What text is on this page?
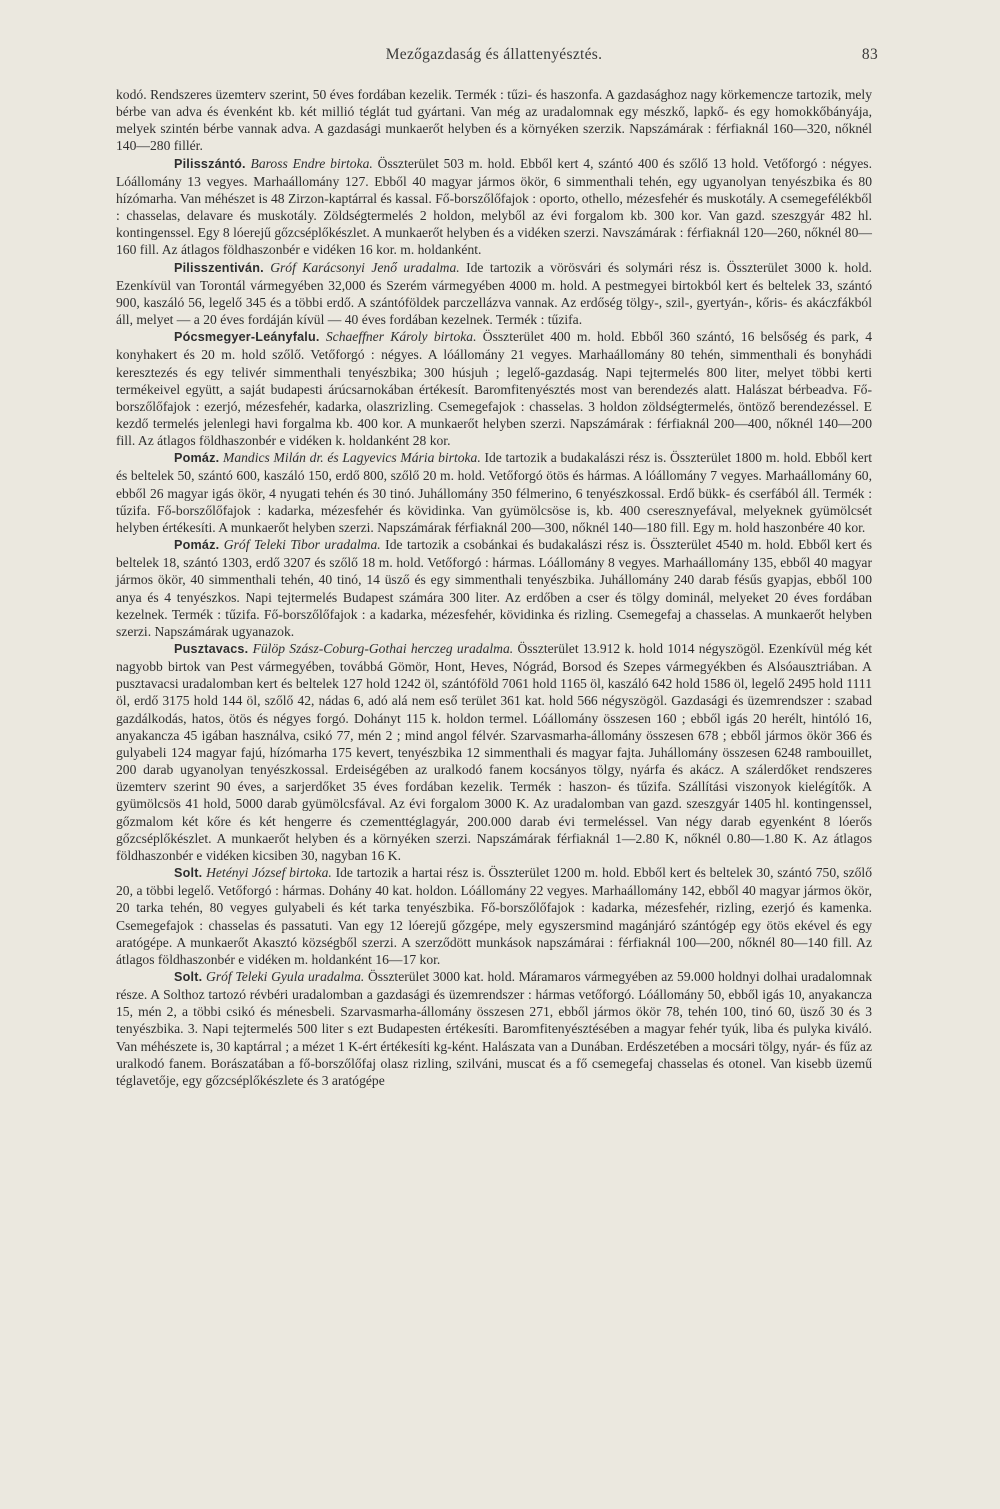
Mezőgazdaság és állattenyésztés.	83

kodó. Rendszeres üzemterv szerint, 50 éves fordában kezelik. Termék : tűzi- és haszonfa. A gazdasághoz nagy körkemencze tartozik, mely bérbe van adva és évenként kb. két millió téglát tud gyártani. Van még az uradalomnak egy mészkő, lapkő- és egy homokkőbányája, melyek szintén bérbe vannak adva. A gazdasági munkaerőt helyben és a környéken szerzik. Napszámárak : férfiaknál 160—320, nőknél 140—280 fillér.

Pilisszántó. Baross Endre birtoka. Összterület 503 m. hold. Ebből kert 4, szántó 400 és szőlő 13 hold. Vetőforgó : négyes. Lóállomány 13 vegyes. Marhaállomány 127. Ebből 40 magyar jármos ökör, 6 simmenthali tehén, egy ugyanolyan tenyészbika és 80 hízómarha. Van méhészet is 48 Zirzon-kaptárral és kassal. Fő-borszőlőfajok : oporto, othello, mézesfehér és muskotály. A csemegefélékből : chasselas, delavare és muskotály. Zöldségtermelés 2 holdon, melyből az évi forgalom kb. 300 kor. Van gazd. szeszgyár 482 hl. kontingenssel. Egy 8 lóerejű gőzcséplőkészlet. A munkaerőt helyben és a vidéken szerzi. Navszámárak : férfiaknál 120—260, nőknél 80—160 fill. Az átlagos földhaszonbér e vidéken 16 kor. m. holdanként.

Pilisszentiván. Gróf Karácsonyi Jenő uradalma. Ide tartozik a vörösvári és solymári rész is. Összterület 3000 k. hold. Ezenkívül van Torontál vármegyében 32,000 és Szerém vármegyében 4000 m. hold. A pestmegyei birtokból kert és beltelek 33, szántó 900, kaszáló 56, legelő 345 és a többi erdő. A szántóföldek parczellázva vannak. Az erdőség tölgy-, szil-, gyertyán-, kőris- és akáczfákból áll, melyet — a 20 éves fordáján kívül — 40 éves fordában kezelnek. Termék : tűzifa.

Pócsmegyer-Leányfalu. Schaeffner Károly birtoka. Összterület 400 m. hold. Ebből 360 szántó, 16 belsőség és park, 4 konyhakert és 20 m. hold szőlő. Vetőforgó : négyes. A lóállomány 21 vegyes. Marhaállomány 80 tehén, simmenthali és bonyhádi keresztezés és egy telivér simmenthali tenyészbika; 300 húsjuh ; legelő-gazdaság. Napi tejtermelés 800 liter, melyet többi kerti termékeivel együtt, a saját budapesti árúcsarnokában értékesít. Baromfitenyésztés most van berendezés alatt. Halászat bérbeadva. Fő-borszőlőfajok : ezerjó, mézesfehér, kadarka, olaszrizling. Csemegefajok : chasselas. 3 holdon zöldségtermelés, öntöző berendezéssel. E kezdő termelés jelenlegi havi forgalma kb. 400 kor. A munkaerőt helyben szerzi. Napszámárak : férfiaknál 200—400, nőknél 140—200 fill. Az átlagos földhaszonbér e vidéken k. holdanként 28 kor.

Pomáz. Mandics Milán dr. és Lagyevics Mária birtoka. Ide tartozik a budakalászi rész is. Összterület 1800 m. hold. Ebből kert és beltelek 50, szántó 600, kaszáló 150, erdő 800, szőlő 20 m. hold. Vetőforgó ötös és hármas. A lóállomány 7 vegyes. Marhaállomány 60, ebből 26 magyar igás ökör, 4 nyugati tehén és 30 tinó. Juhállomány 350 félmerino, 6 tenyészkossal. Erdő bükk- és cserfából áll. Termék : tűzifa. Fő-borszőlőfajok : kadarka, mézesfehér és kövidinka. Van gyümölcsöse is, kb. 400 cseresznyefával, melyeknek gyümölcsét helyben értékesíti. A munkaerőt helyben szerzi. Napszámárak férfiaknál 200—300, nőknél 140—180 fill. Egy m. hold haszonbére 40 kor.

Pomáz. Gróf Teleki Tibor uradalma. Ide tartozik a csobánkai és budakalászi rész is. Összterület 4540 m. hold. Ebből kert és beltelek 18, szántó 1303, erdő 3207 és szőlő 18 m. hold. Vetőforgó : hármas. Lóállomány 8 vegyes. Marhaállomány 135, ebből 40 magyar jármos ökör, 40 simmenthali tehén, 40 tinó, 14 üsző és egy simmenthali tenyészbika. Juhállomány 240 darab fésűs gyapjas, ebből 100 anya és 4 tenyészkos. Napi tejtermelés Budapest számára 300 liter. Az erdőben a cser és tölgy dominál, melyeket 20 éves fordában kezelnek. Termék : tűzifa. Fő-borszőlőfajok : a kadarka, mézesfehér, kövidinka és rizling. Csemegefaj a chasselas. A munkaerőt helyben szerzi. Napszámárak ugyanazok.

Pusztavacs. Fülöp Szász-Coburg-Gothai herczeg uradalma. Összterület 13.912 k. hold 1014 négyszögöl. Ezenkívül még két nagyobb birtok van Pest vármegyében, továbbá Gömör, Hont, Heves, Nógrád, Borsod és Szepes vármegyékben és Alsóausztriában. A pusztavacsi uradalomban kert és beltelek 127 hold 1242 öl, szántóföld 7061 hold 1165 öl, kaszáló 642 hold 1586 öl, legelő 2495 hold 1111 öl, erdő 3175 hold 144 öl, szőlő 42, nádas 6, adó alá nem eső terület 361 kat. hold 566 négyszögöl. Gazdasági és üzemrendszer : szabad gazdálkodás, hatos, ötös és négyes forgó. Dohányt 115 k. holdon termel. Lóállomány összesen 160 ; ebből igás 20 herélt, hintóló 16, anyakancza 45 igában használva, csikó 77, mén 2 ; mind angol félvér. Szarvasmarha-állomány összesen 678 ; ebből jármos ökör 366 és gulyabeli 124 magyar fajú, hízómarha 175 kevert, tenyészbika 12 simmenthali és magyar fajta. Juhállomány összesen 6248 rambouillet, 200 darab ugyanolyan tenyészkossal. Erdeiségében az uralkodó fanem kocsányos tölgy, nyárfa és akácz. A szálerdőket rendszeres üzemterv szerint 90 éves, a sarjerdőket 35 éves fordában kezelik. Termék : haszon- és tűzifa. Szállítási viszonyok kielégítők. A gyümölcsös 41 hold, 5000 darab gyümölcsfával. Az évi forgalom 3000 K. Az uradalomban van gazd. szeszgyár 1405 hl. kontingenssel, gőzmalom két kőre és két hengerre és czementtéglagyár, 200.000 darab évi termeléssel. Van négy darab egyenként 8 lóerős gőzcséplőkészlet. A munkaerőt helyben és a környéken szerzi. Napszámárak férfiaknál 1—2.80 K, nőknél 0.80—1.80 K. Az átlagos földhaszonbér e vidéken kicsiben 30, nagyban 16 K.

Solt. Hetényi József birtoka. Ide tartozik a hartai rész is. Összterület 1200 m. hold. Ebből kert és beltelek 30, szántó 750, szőlő 20, a többi legelő. Vetőforgó : hármas. Dohány 40 kat. holdon. Lóállomány 22 vegyes. Marhaállomány 142, ebből 40 magyar jármos ökör, 20 tarka tehén, 80 vegyes gulyabeli és két tarka tenyészbika. Fő-borszőlőfajok : kadarka, mézesfehér, rizling, ezerjó és kamenka. Csemegefajok : chasselas és passatuti. Van egy 12 lóerejű gőzgépe, mely egyszersmind magánjáró szántógép egy ötös ekével és egy aratógépe. A munkaerőt Akasztó községből szerzi. A szerződött munkások napszámárai : férfiaknál 100—200, nőknél 80—140 fill. Az átlagos földhaszonbér e vidéken m. holdanként 16—17 kor.

Solt. Gróf Teleki Gyula uradalma. Összterület 3000 kat. hold. Máramaros vármegyében az 59.000 holdnyi dolhai uradalomnak része. A Solthoz tartozó révbéri uradalomban a gazdasági és üzemrendszer : hármas vetőforgó. Lóállomány 50, ebből igás 10, anyakancza 15, mén 2, a többi csikó és ménesbeli. Szarvasmarha-állomány összesen 271, ebből jármos ökör 78, tehén 100, tinó 60, üsző 30 és 3 tenyészbika. 3. Napi tejtermelés 500 liter s ezt Budapesten értékesíti. Baromfitenyésztésében a magyar fehér tyúk, liba és pulyka kiváló. Van méhészete is, 30 kaptárral ; a mézet 1 K-ért értékesíti kg-ként. Halászata van a Dunában. Erdészetében a mocsári tölgy, nyár- és fűz az uralkodó fanem. Borászatában a fő-borszőlőfaj olasz rizling, szilváni, muscat és a fő csemegefaj chasselas és otonel. Van kisebb üzemű téglavetője, egy gőzcséplőkészlete és 3 aratógépe
